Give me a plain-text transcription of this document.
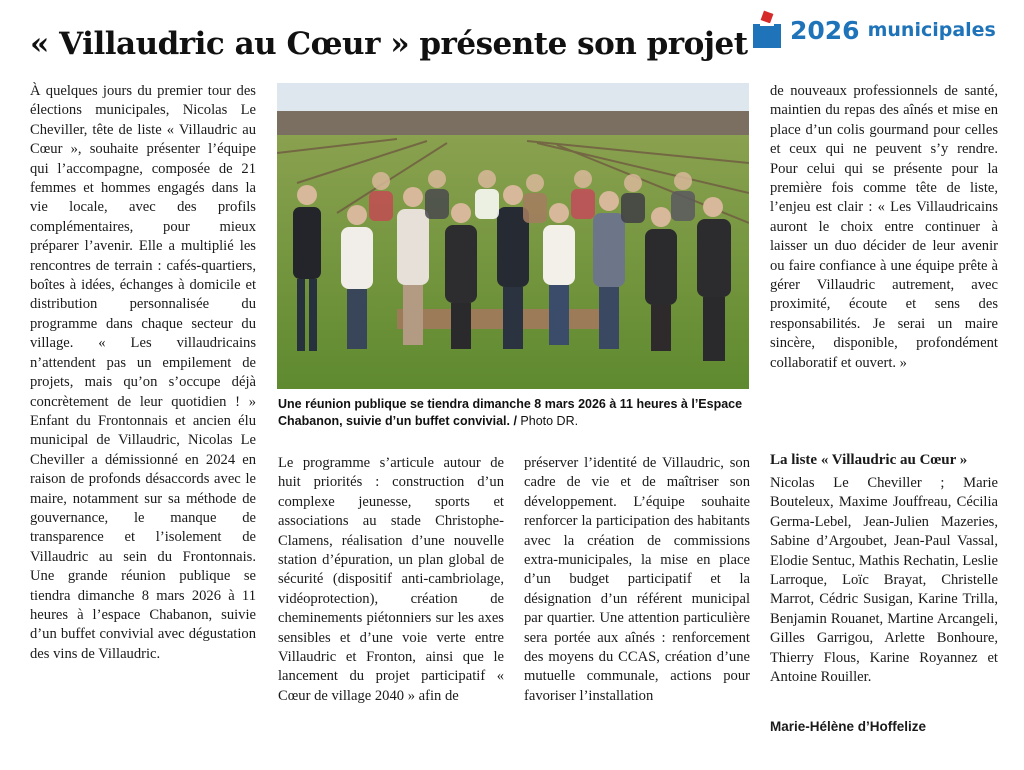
« Villaudric au Cœur » présente son projet 2026 municipales

À quelques jours du premier tour des élections municipales, Nicolas Le Cheviller, tête de liste « Villaudric au Cœur », souhaite présenter l’équipe qui l’accompagne, composée de 21 femmes et hommes engagés dans la vie locale, avec des profils complémentaires, pour mieux préparer l’avenir. Elle a multiplié les rencontres de terrain : cafés-quartiers, boîtes à idées, échanges à domicile et distribution personnalisée du programme dans chaque secteur du village. « Les villaudricains n’attendent pas un empilement de projets, mais qu’on s’occupe déjà concrètement de leur quotidien ! » Enfant du Frontonnais et ancien élu municipal de Villaudric, Nicolas Le Cheviller a démissionné en 2024 en raison de profonds désaccords avec le maire, notamment sur sa méthode de gouvernance, le manque de transparence et l’isolement de Villaudric au sein du Frontonnais. Une grande réunion publique se tiendra dimanche 8 mars 2026 à 11 heures à l’espace Chabanon, suivie d’un buffet convivial avec dégustation des vins de Villaudric.

Une réunion publique se tiendra dimanche 8 mars 2026 à 11 heures à l’Espace Chabanon, suivie d’un buffet convivial. / Photo DR.

Le programme s’articule autour de huit priorités : construction d’un complexe jeunesse, sports et associations au stade Christophe-Clamens, réalisation d’une nouvelle station d’épuration, un plan global de sécurité (dispositif anti-cambriolage, vidéoprotection), création de cheminements piétonniers sur les axes sensibles et d’une voie verte entre Villaudric et Fronton, ainsi que le lancement du projet participatif « Cœur de village 2040 » afin de

préserver l’identité de Villaudric, son cadre de vie et de maîtriser son développement. L’équipe souhaite renforcer la participation des habitants avec la création de commissions extra-municipales, la mise en place d’un budget participatif et la désignation d’un référent municipal par quartier. Une attention particulière sera portée aux aînés : renforcement des moyens du CCAS, création d’une mutuelle communale, actions pour favoriser l’installation

de nouveaux professionnels de santé, maintien du repas des aînés et mise en place d’un colis gourmand pour celles et ceux qui ne peuvent s’y rendre. Pour celui qui se présente pour la première fois comme tête de liste, l’enjeu est clair : « Les Villaudricains auront le choix entre continuer à laisser un duo décider de leur avenir ou faire confiance à une équipe prête à gérer Villaudric autrement, avec proximité, écoute et sens des responsabilités. Je serai un maire sincère, disponible, profondément collaboratif et ouvert. »

La liste « Villaudric au Cœur »

Nicolas Le Cheviller ; Marie Bouteleux, Maxime Jouffreau, Cécilia Germa-Lebel, Jean-Julien Mazeries, Sabine d’Argoubet, Jean-Paul Vassal, Elodie Sentuc, Mathis Rechatin, Leslie Larroque, Loïc Brayat, Christelle Marrot, Cédric Susigan, Karine Trilla, Benjamin Rouanet, Martine Arcangeli, Gilles Garrigou, Arlette Bonhoure, Thierry Flous, Karine Royannez et Antoine Rouiller.

Marie-Hélène d’Hoffelize
